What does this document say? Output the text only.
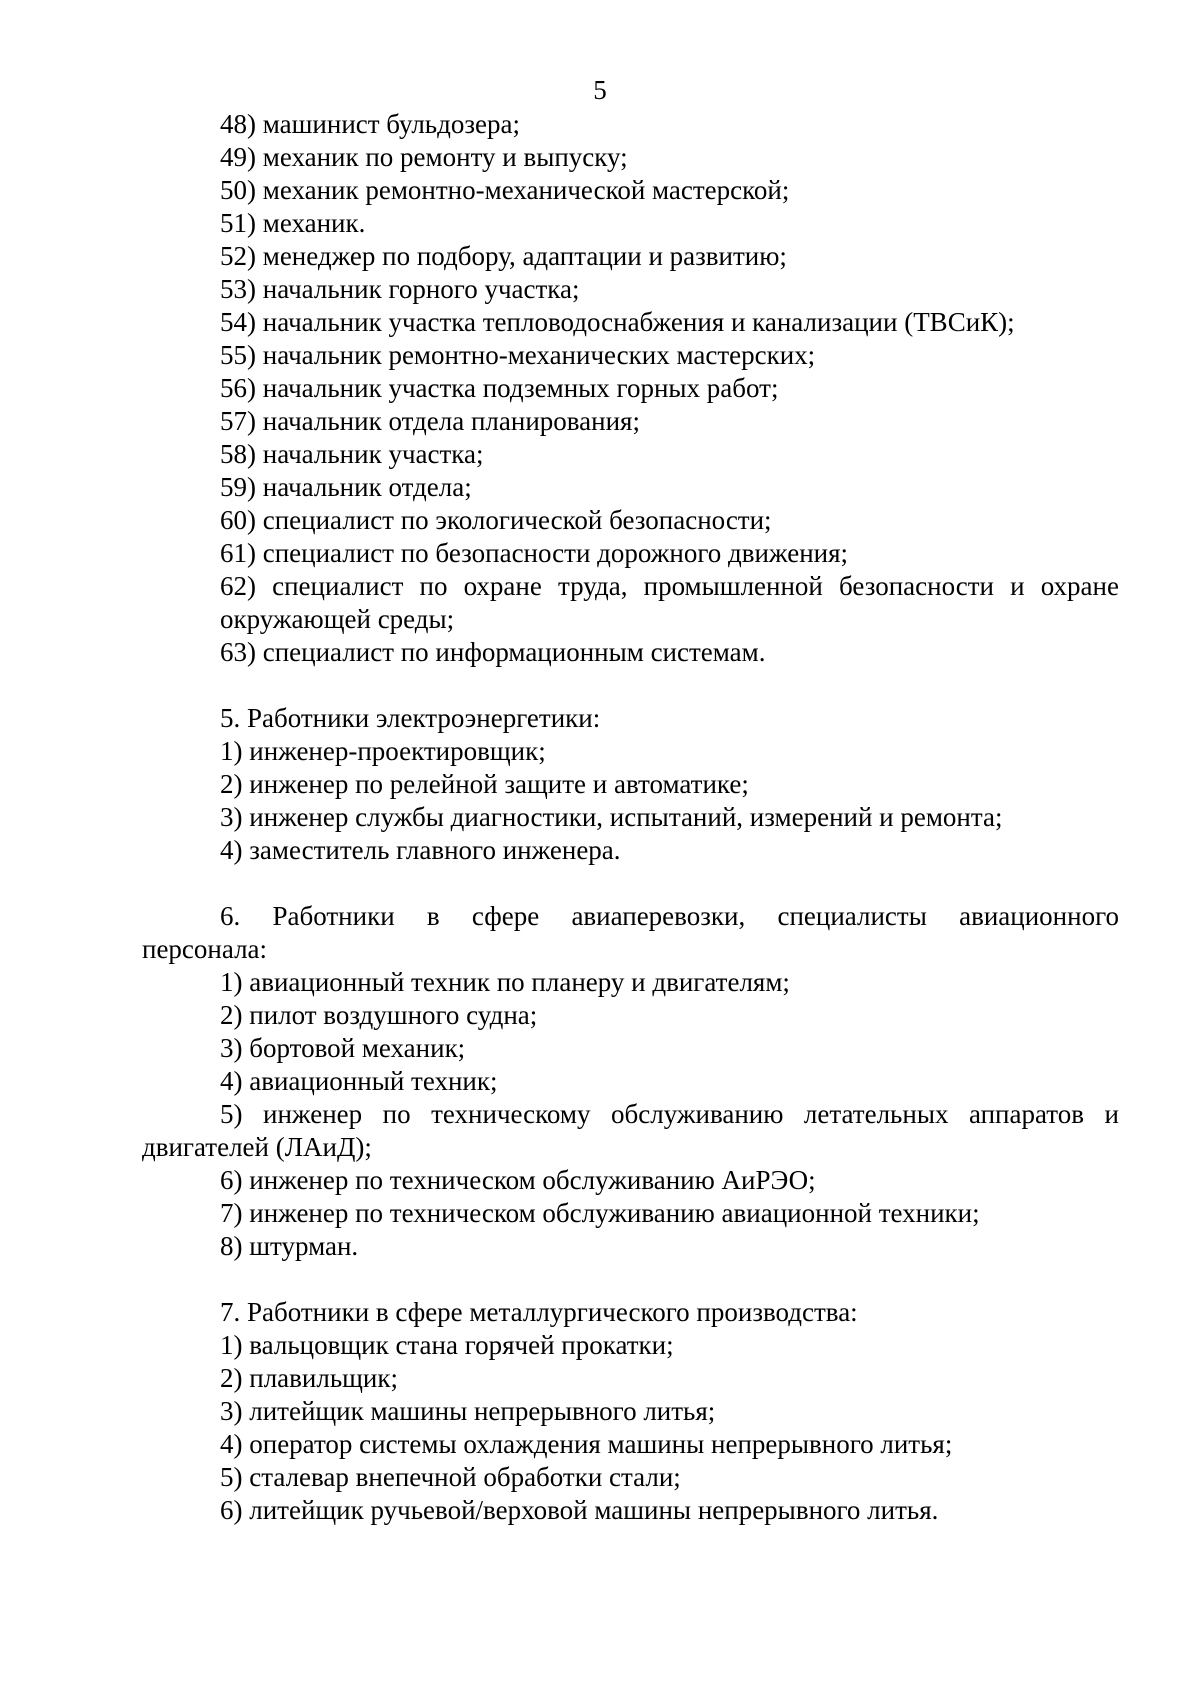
5

48) машинист бульдозера;

49) механик по ремонту и выпуску;

50) механик ремонтно-механической мастерской;

51) механик.

52) менеджер по подбору, адаптации и развитию;

53) начальник горного участка;

54) начальник участка тепловодоснабжения и канализации (ТВСиК);

55) начальник ремонтно-механических мастерских;

56) начальник участка подземных горных работ;

57) начальник отдела планирования;

58) начальник участка;

59) начальник отдела;

60) специалист по экологической безопасности;

61) специалист по безопасности дорожного движения;

62) специалист по охране труда, промышленной безопасности и охране

окружающей среды;

63) специалист по информационным системам.

5. Работники электроэнергетики:

1) инженер-проектировщик;

2) инженер по релейной защите и автоматике;

3) инженер службы диагностики, испытаний, измерений и ремонта;

4) заместитель главного инженера.

6. Работники в сфере авиаперевозки, специалисты авиационного

персонала:

1) авиационный техник по планеру и двигателям;

2) пилот воздушного судна;

3) бортовой механик;

4) авиационный техник;

5) инженер по техническому обслуживанию летательных аппаратов и

двигателей (ЛАиД);

6) инженер по техническом обслуживанию АиРЭО;

7) инженер по техническом обслуживанию авиационной техники;

8) штурман.

7. Работники в сфере металлургического производства:

1) вальцовщик стана горячей прокатки;

2) плавильщик;

3) литейщик машины непрерывного литья;

4) оператор системы охлаждения машины непрерывного литья;

5) сталевар внепечной обработки стали;

6) литейщик ручьевой/верховой машины непрерывного литья.
